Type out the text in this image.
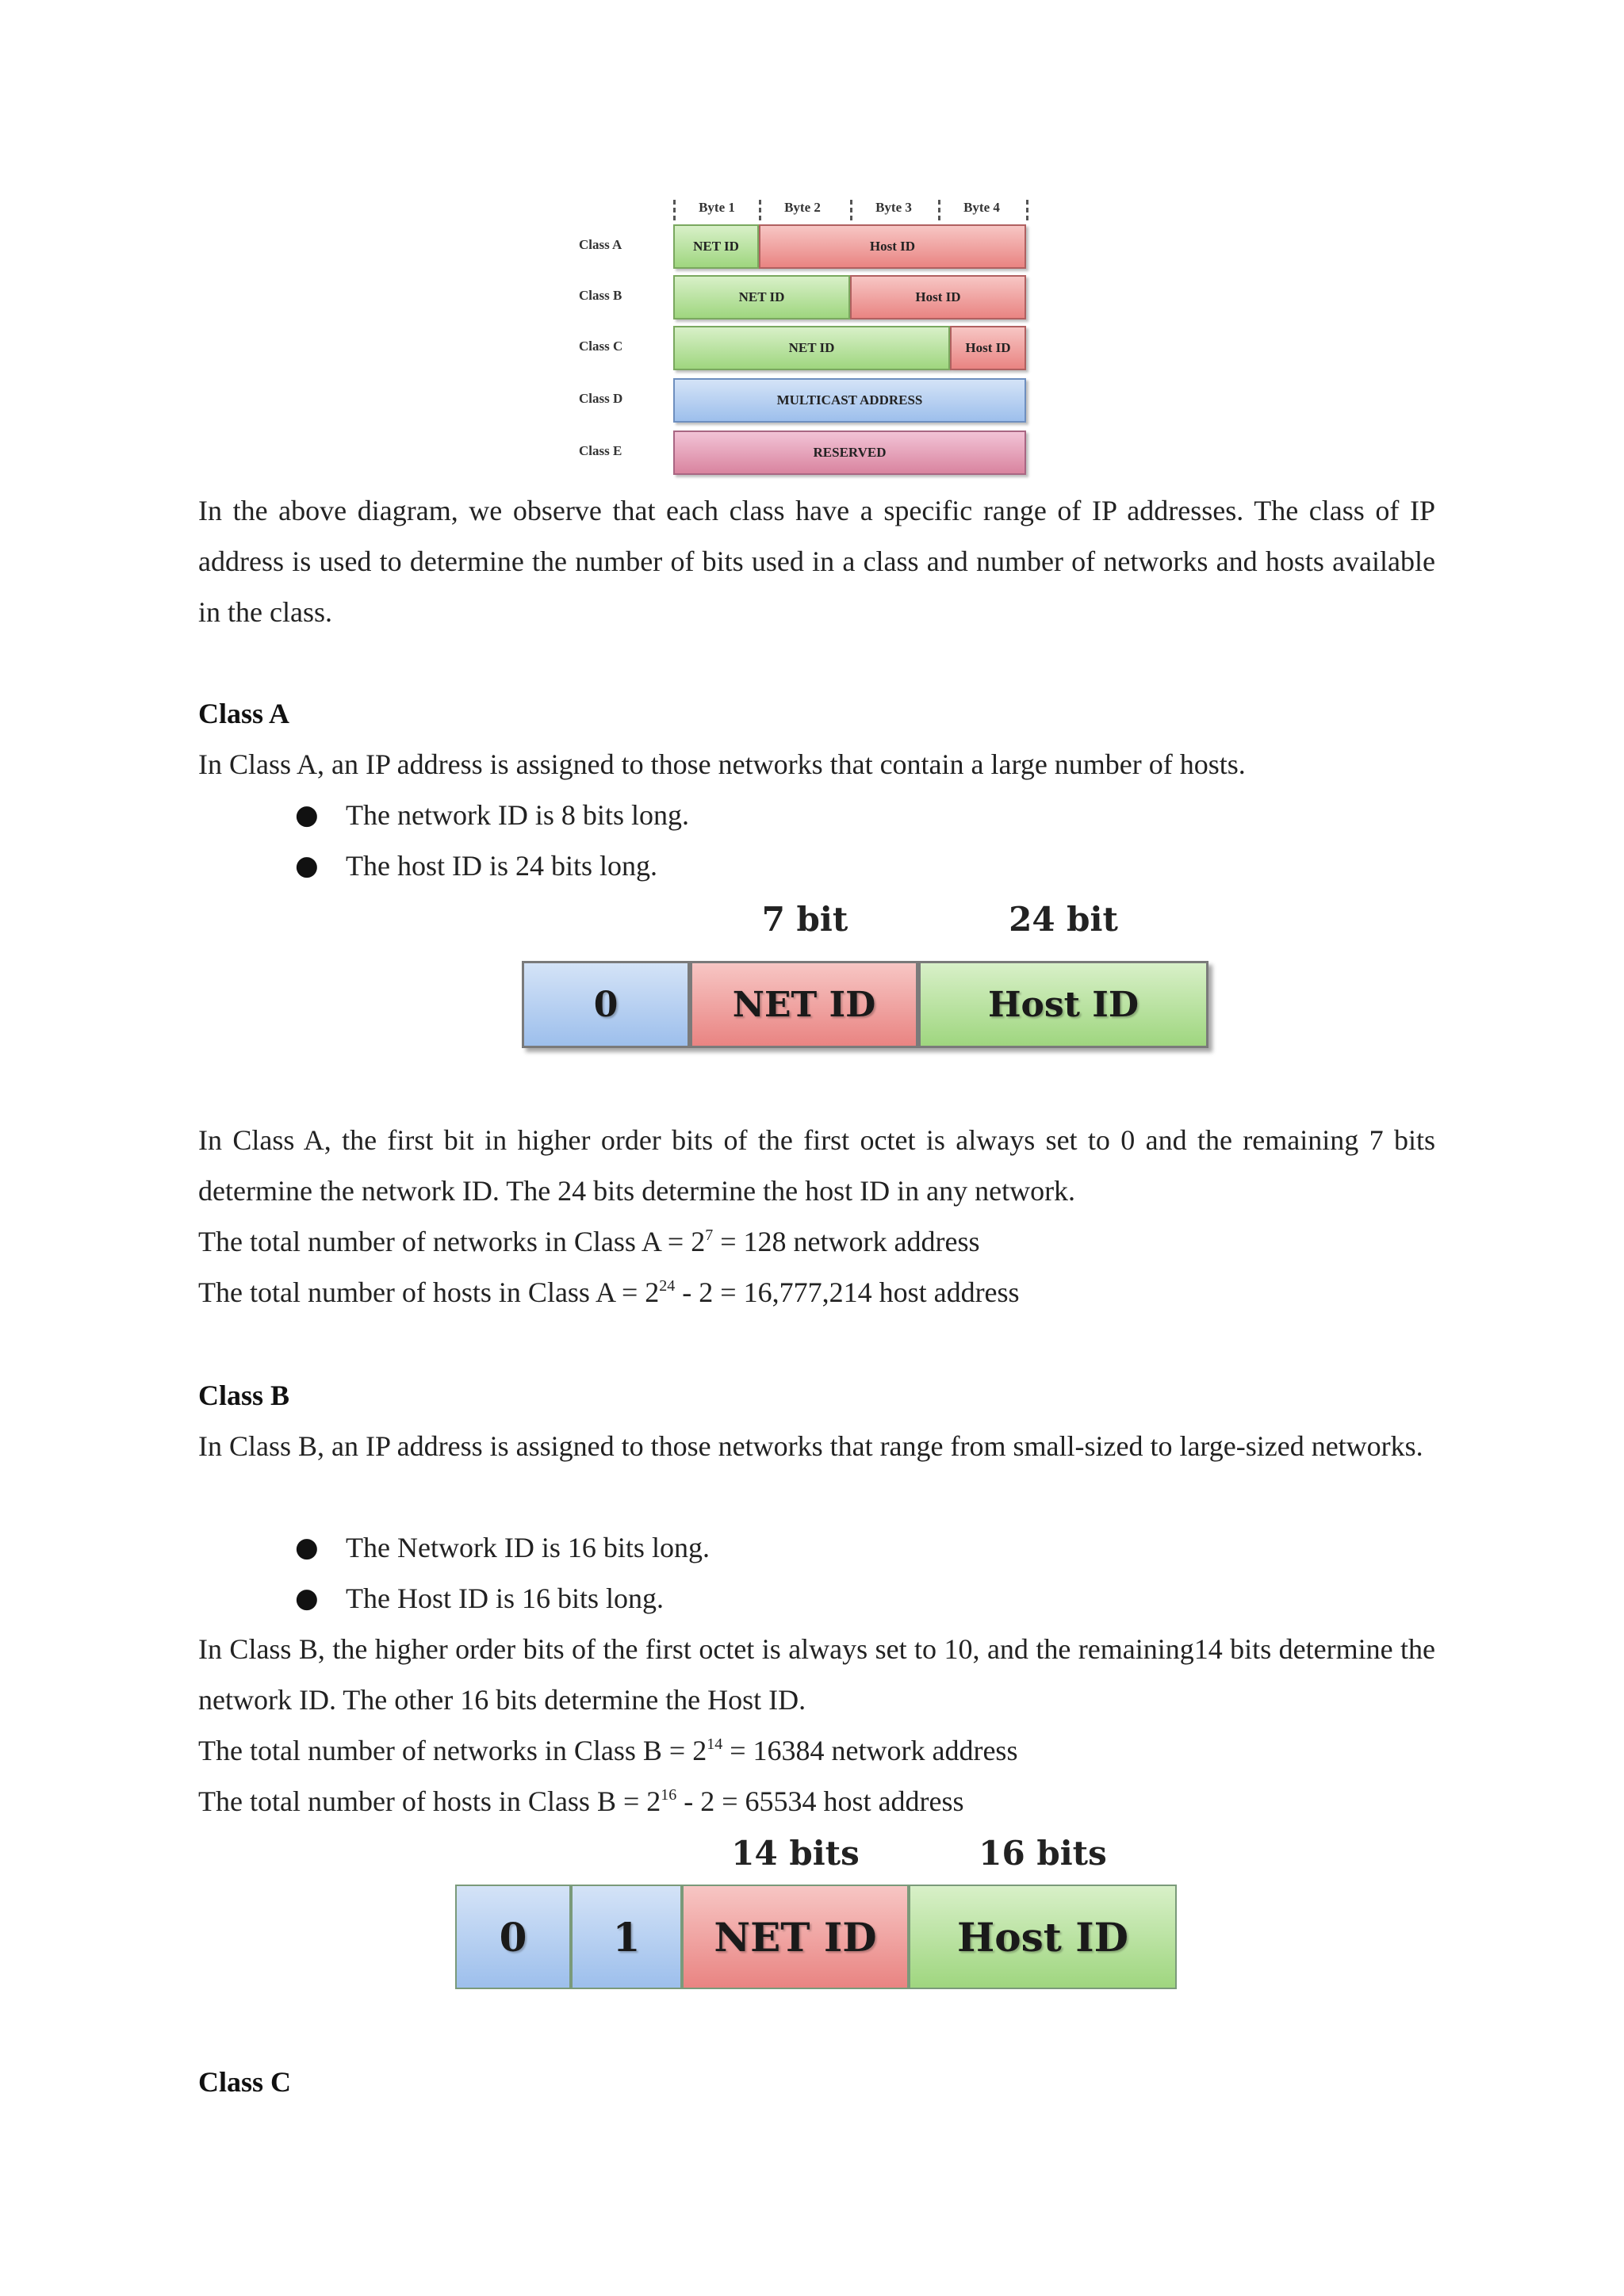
Byte 1	Byte 2	Byte 3	Byte 4
Class A	NET ID	Host ID
Class B	NET ID	Host ID
Class C	NET ID	Host ID
Class D	MULTICAST ADDRESS
Class E	RESERVED
In the above diagram, we observe that each class have a specific range of IP addresses. The class of IP address is used to determine the number of bits used in a class and number of networks and hosts available in the class.
Class A
In Class A, an IP address is assigned to those networks that contain a large number of hosts.
● The network ID is 8 bits long.
● The host ID is 24 bits long.
7 bit	24 bit
0	NET ID	Host ID
In Class A, the first bit in higher order bits of the first octet is always set to 0 and the remaining 7 bits determine the network ID. The 24 bits determine the host ID in any network.
The total number of networks in Class $A = 2^7 = 128$ network address
The total number of hosts in Class $A = 2^{24} - 2 = 16,777,214$ host address
Class B
In Class B, an IP address is assigned to those networks that range from small-sized to large-sized networks.
● The Network ID is 16 bits long.
● The Host ID is 16 bits long.
In Class B, the higher order bits of the first octet is always set to 10, and the remaining14 bits determine the network ID. The other 16 bits determine the Host ID.
The total number of networks in Class $B = 2^{14} = 16384$ network address
The total number of hosts in Class $B = 2^{16} - 2 = 65534$ host address
14 bits	16 bits
0	1	NET ID	Host ID
Class C
